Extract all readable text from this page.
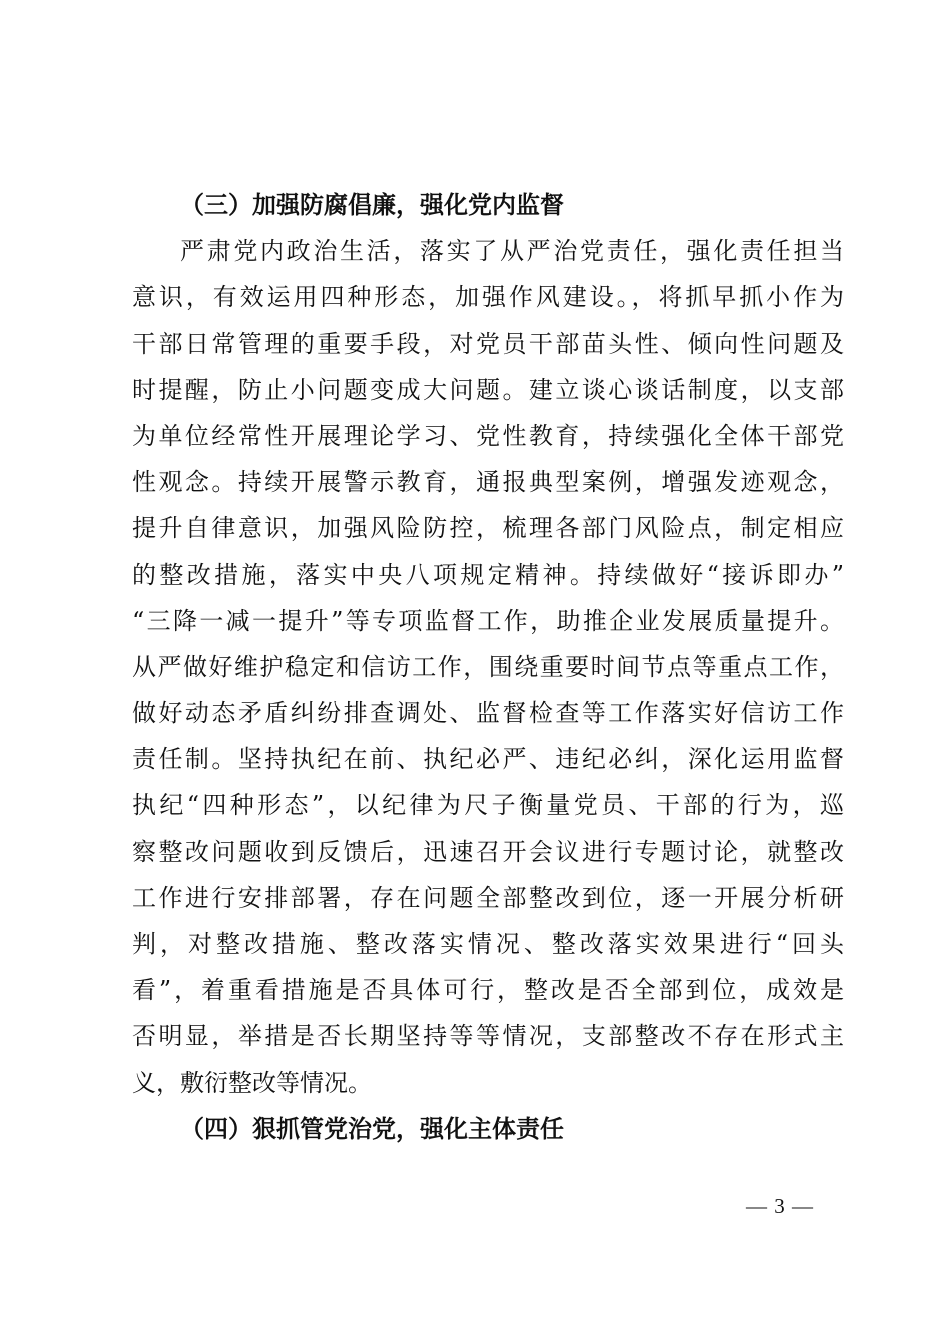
（三）加强防腐倡廉，强化党内监督
严肃党内政治生活，落实了从严治党责任，强化责任担当
意识，有效运用四种形态，加强作风建设。，将抓早抓小作为
干部日常管理的重要手段，对党员干部苗头性、倾向性问题及
时提醒，防止小问题变成大问题。建立谈心谈话制度，以支部
为单位经常性开展理论学习、党性教育，持续强化全体干部党
性观念。持续开展警示教育，通报典型案例，增强发迹观念，
提升自律意识，加强风险防控，梳理各部门风险点，制定相应
的整改措施，落实中央八项规定精神。持续做好“接诉即办”
“三降一减一提升”等专项监督工作，助推企业发展质量提升。
从严做好维护稳定和信访工作，围绕重要时间节点等重点工作，
做好动态矛盾纠纷排查调处、监督检查等工作落实好信访工作
责任制。坚持执纪在前、执纪必严、违纪必纠，深化运用监督
执纪“四种形态”，以纪律为尺子衡量党员、干部的行为，巡
察整改问题收到反馈后，迅速召开会议进行专题讨论，就整改
工作进行安排部署，存在问题全部整改到位，逐一开展分析研
判，对整改措施、整改落实情况、整改落实效果进行“回头
看”，着重看措施是否具体可行，整改是否全部到位，成效是
否明显，举措是否长期坚持等等情况，支部整改不存在形式主
义，敷衍整改等情况。
（四）狠抓管党治党，强化主体责任
— 3 —
